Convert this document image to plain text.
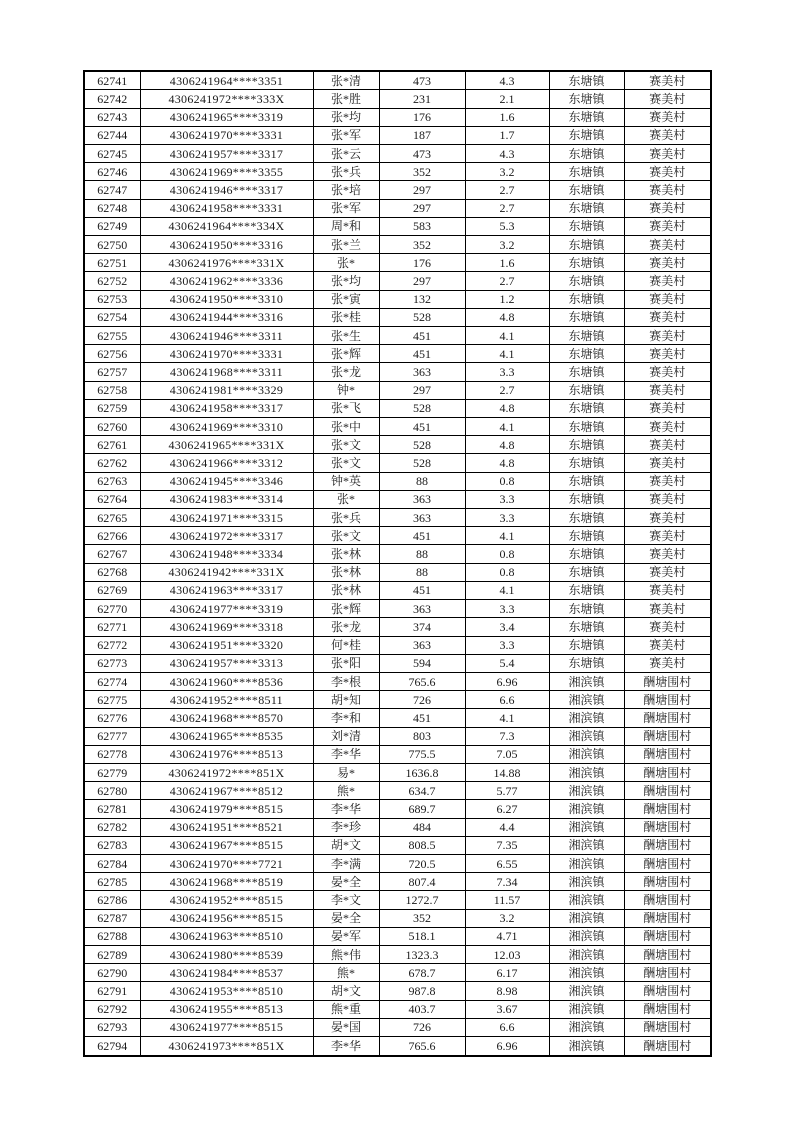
62741	4306241964****3351	张*清	473	4.3	东塘镇	赛美村
62742	4306241972****333X	张*胜	231	2.1	东塘镇	赛美村
62743	4306241965****3319	张*均	176	1.6	东塘镇	赛美村
62744	4306241970****3331	张*军	187	1.7	东塘镇	赛美村
62745	4306241957****3317	张*云	473	4.3	东塘镇	赛美村
62746	4306241969****3355	张*兵	352	3.2	东塘镇	赛美村
62747	4306241946****3317	张*培	297	2.7	东塘镇	赛美村
62748	4306241958****3331	张*军	297	2.7	东塘镇	赛美村
62749	4306241964****334X	周*和	583	5.3	东塘镇	赛美村
62750	4306241950****3316	张*兰	352	3.2	东塘镇	赛美村
62751	4306241976****331X	张*	176	1.6	东塘镇	赛美村
62752	4306241962****3336	张*均	297	2.7	东塘镇	赛美村
62753	4306241950****3310	张*寅	132	1.2	东塘镇	赛美村
62754	4306241944****3316	张*桂	528	4.8	东塘镇	赛美村
62755	4306241946****3311	张*生	451	4.1	东塘镇	赛美村
62756	4306241970****3331	张*辉	451	4.1	东塘镇	赛美村
62757	4306241968****3311	张*龙	363	3.3	东塘镇	赛美村
62758	4306241981****3329	钟*	297	2.7	东塘镇	赛美村
62759	4306241958****3317	张*飞	528	4.8	东塘镇	赛美村
62760	4306241969****3310	张*中	451	4.1	东塘镇	赛美村
62761	4306241965****331X	张*文	528	4.8	东塘镇	赛美村
62762	4306241966****3312	张*文	528	4.8	东塘镇	赛美村
62763	4306241945****3346	钟*英	88	0.8	东塘镇	赛美村
62764	4306241983****3314	张*	363	3.3	东塘镇	赛美村
62765	4306241971****3315	张*兵	363	3.3	东塘镇	赛美村
62766	4306241972****3317	张*文	451	4.1	东塘镇	赛美村
62767	4306241948****3334	张*林	88	0.8	东塘镇	赛美村
62768	4306241942****331X	张*林	88	0.8	东塘镇	赛美村
62769	4306241963****3317	张*林	451	4.1	东塘镇	赛美村
62770	4306241977****3319	张*辉	363	3.3	东塘镇	赛美村
62771	4306241969****3318	张*龙	374	3.4	东塘镇	赛美村
62772	4306241951****3320	何*桂	363	3.3	东塘镇	赛美村
62773	4306241957****3313	张*阳	594	5.4	东塘镇	赛美村
62774	4306241960****8536	李*根	765.6	6.96	湘滨镇	酬塘围村
62775	4306241952****8511	胡*知	726	6.6	湘滨镇	酬塘围村
62776	4306241968****8570	李*和	451	4.1	湘滨镇	酬塘围村
62777	4306241965****8535	刘*清	803	7.3	湘滨镇	酬塘围村
62778	4306241976****8513	李*华	775.5	7.05	湘滨镇	酬塘围村
62779	4306241972****851X	易*	1636.8	14.88	湘滨镇	酬塘围村
62780	4306241967****8512	熊*	634.7	5.77	湘滨镇	酬塘围村
62781	4306241979****8515	李*华	689.7	6.27	湘滨镇	酬塘围村
62782	4306241951****8521	李*珍	484	4.4	湘滨镇	酬塘围村
62783	4306241967****8515	胡*文	808.5	7.35	湘滨镇	酬塘围村
62784	4306241970****7721	李*满	720.5	6.55	湘滨镇	酬塘围村
62785	4306241968****8519	晏*全	807.4	7.34	湘滨镇	酬塘围村
62786	4306241952****8515	李*文	1272.7	11.57	湘滨镇	酬塘围村
62787	4306241956****8515	晏*全	352	3.2	湘滨镇	酬塘围村
62788	4306241963****8510	晏*军	518.1	4.71	湘滨镇	酬塘围村
62789	4306241980****8539	熊*伟	1323.3	12.03	湘滨镇	酬塘围村
62790	4306241984****8537	熊*	678.7	6.17	湘滨镇	酬塘围村
62791	4306241953****8510	胡*文	987.8	8.98	湘滨镇	酬塘围村
62792	4306241955****8513	熊*重	403.7	3.67	湘滨镇	酬塘围村
62793	4306241977****8515	晏*国	726	6.6	湘滨镇	酬塘围村
62794	4306241973****851X	李*华	765.6	6.96	湘滨镇	酬塘围村
